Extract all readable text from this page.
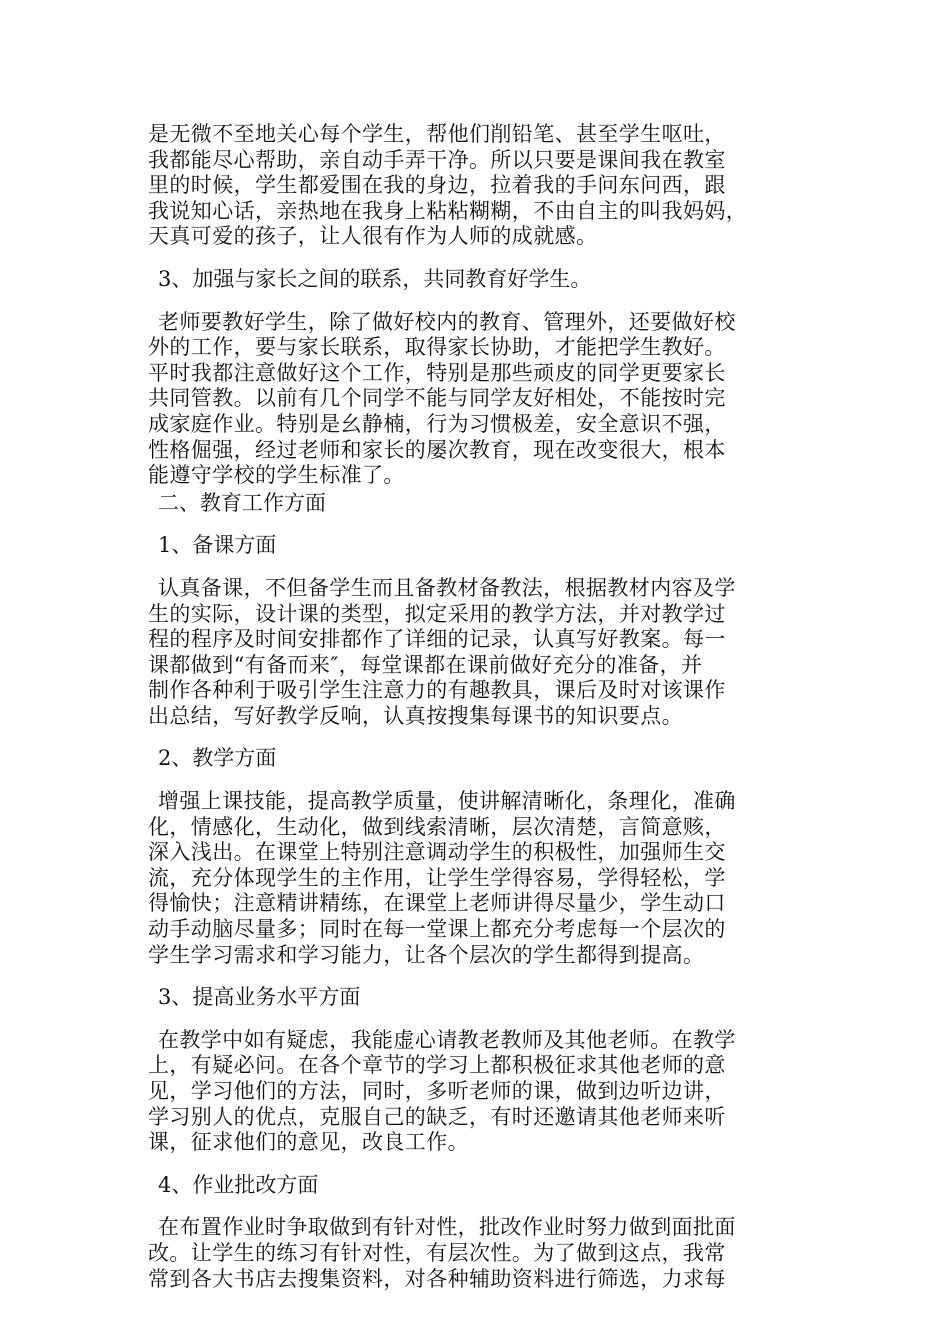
是无微不至地关心每个学生，帮他们削铅笔、甚至学生呕吐，
我都能尽心帮助，亲自动手弄干净。所以只要是课间我在教室
里的时候，学生都爱围在我的身边，拉着我的手问东问西，跟
我说知心话，亲热地在我身上粘粘糊糊，不由自主的叫我妈妈，
天真可爱的孩子，让人很有作为人师的成就感。
3、加强与家长之间的联系，共同教育好学生。
老师要教好学生，除了做好校内的教育、管理外，还要做好校
外的工作，要与家长联系，取得家长协助，才能把学生教好。
平时我都注意做好这个工作，特别是那些顽皮的同学更要家长
共同管教。以前有几个同学不能与同学友好相处，不能按时完
成家庭作业。特别是幺静楠，行为习惯极差，安全意识不强，
性格倔强，经过老师和家长的屡次教育，现在改变很大，根本
能遵守学校的学生标准了。
二、教育工作方面
1、备课方面
认真备课，不但备学生而且备教材备教法，根据教材内容及学
生的实际，设计课的类型，拟定采用的教学方法，并对教学过
程的程序及时间安排都作了详细的记录，认真写好教案。每一
课都做到“有备而来″，每堂课都在课前做好充分的准备，并
制作各种利于吸引学生注意力的有趣教具，课后及时对该课作
出总结，写好教学反响，认真按搜集每课书的知识要点。
2、教学方面
增强上课技能，提高教学质量，使讲解清晰化，条理化，准确
化，情感化，生动化，做到线索清晰，层次清楚，言简意赅，
深入浅出。在课堂上特别注意调动学生的积极性，加强师生交
流，充分体现学生的主作用，让学生学得容易，学得轻松，学
得愉快；注意精讲精练，在课堂上老师讲得尽量少，学生动口
动手动脑尽量多；同时在每一堂课上都充分考虑每一个层次的
学生学习需求和学习能力，让各个层次的学生都得到提高。
3、提高业务水平方面
在教学中如有疑虑，我能虚心请教老教师及其他老师。在教学
上，有疑必问。在各个章节的学习上都积极征求其他老师的意
见，学习他们的方法，同时，多听老师的课，做到边听边讲，
学习别人的优点，克服自己的缺乏，有时还邀请其他老师来听
课，征求他们的意见，改良工作。
4、作业批改方面
在布置作业时争取做到有针对性，批改作业时努力做到面批面
改。让学生的练习有针对性，有层次性。为了做到这点，我常
常到各大书店去搜集资料，对各种辅助资料进行筛选，力求每
